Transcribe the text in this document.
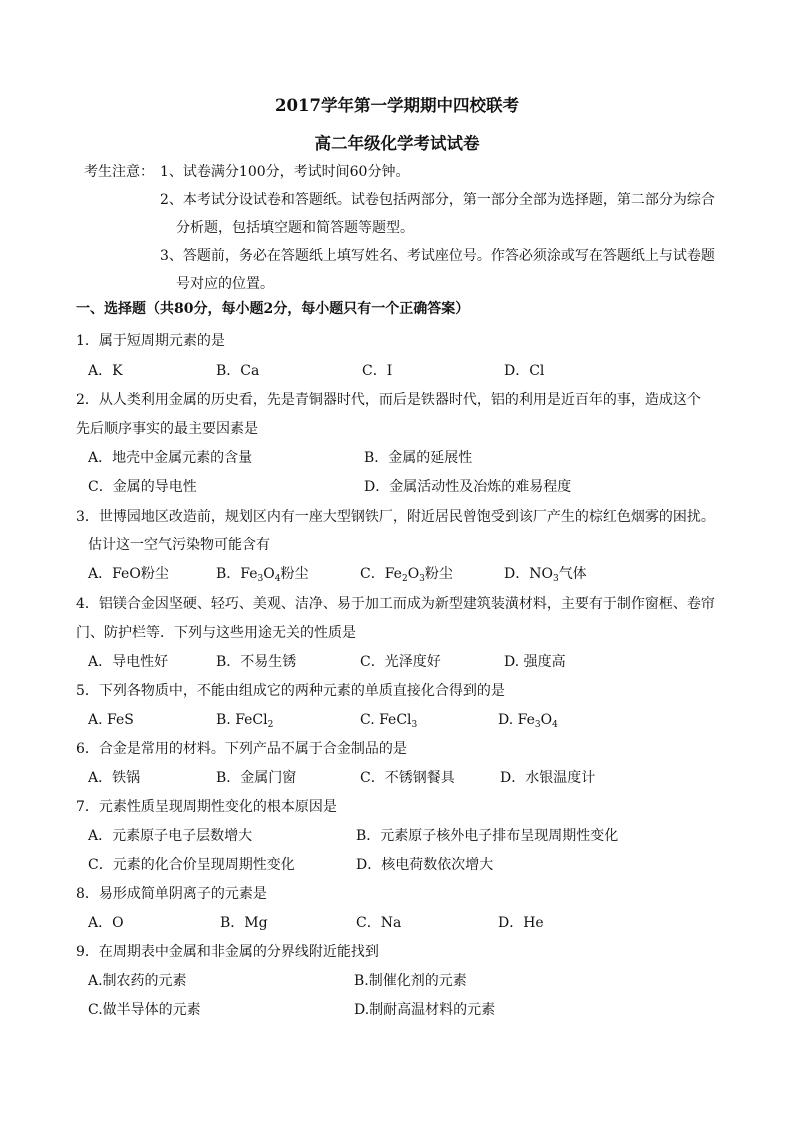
2017学年第一学期期中四校联考
高二年级化学考试试卷
考生注意： 1、试卷满分100分，考试时间60分钟。
2、本考试分设试卷和答题纸。试卷包括两部分，第一部分全部为选择题，第二部分为综合
分析题，包括填空题和简答题等题型。
3、答题前，务必在答题纸上填写姓名、考试座位号。作答必须涂或写在答题纸上与试卷题
号对应的位置。
一、选择题（共80分，每小题2分，每小题只有一个正确答案）
1．属于短周期元素的是
A．K	B．Ca	C．I	D．Cl
2．从人类利用金属的历史看，先是青铜器时代，而后是铁器时代，铝的利用是近百年的事，造成这个
先后顺序事实的最主要因素是
A．地壳中金属元素的含量	B．金属的延展性
C．金属的导电性	D．金属活动性及冶炼的难易程度
3．世博园地区改造前，规划区内有一座大型钢铁厂，附近居民曾饱受到该厂产生的棕红色烟雾的困扰。
估计这一空气污染物可能含有
A．FeO粉尘	B．$Fe_3O_4$粉尘	C．$Fe_2O_3$粉尘	D．$NO_3$气体
4．铝镁合金因坚硬、轻巧、美观、洁净、易于加工而成为新型建筑装潢材料，主要有于制作窗框、卷帘
门、防护栏等．下列与这些用途无关的性质是
A．导电性好	B．不易生锈	C．光泽度好	D. 强度高
5．下列各物质中，不能由组成它的两种元素的单质直接化合得到的是
A. FeS	B. FeCl$_2$	C. FeCl$_3$	D. $Fe_3O_4$
6．合金是常用的材料。下列产品不属于合金制品的是
A．铁锅	B．金属门窗	C．不锈钢餐具	D．水银温度计
7．元素性质呈现周期性变化的根本原因是
A．元素原子电子层数增大	B．元素原子核外电子排布呈现周期性变化
C．元素的化合价呈现周期性变化	D．核电荷数依次增大
8．易形成简单阴离子的元素是
A．O	B．Mg	C．Na	D．He
9．在周期表中金属和非金属的分界线附近能找到
A.制农药的元素	B.制催化剂的元素
C.做半导体的元素	D.制耐高温材料的元素
